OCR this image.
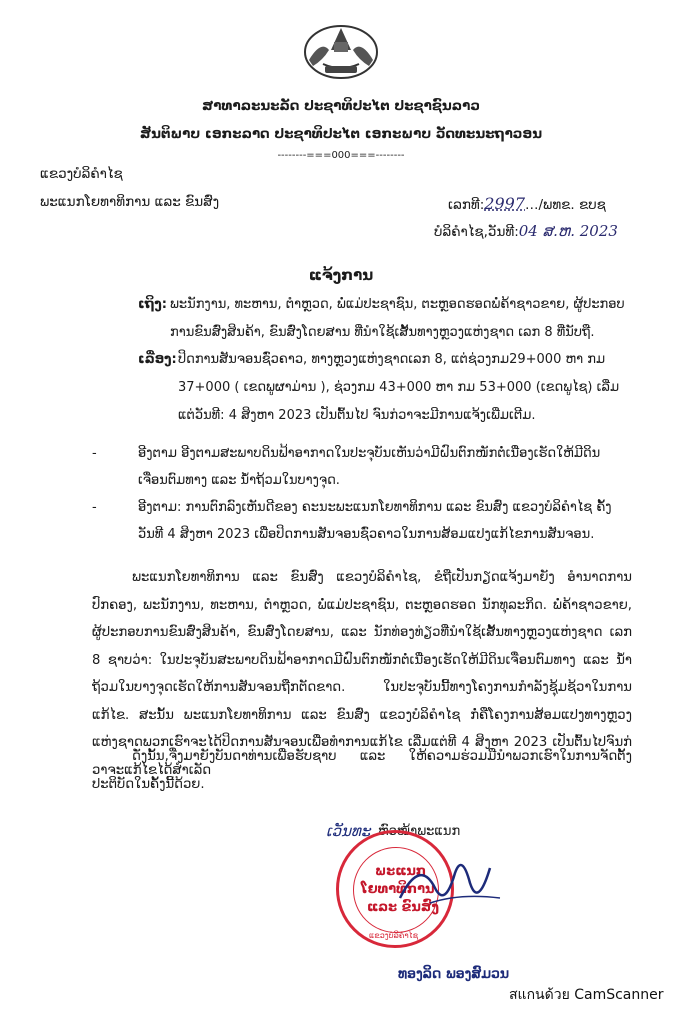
ສາທາລະນະລັດ ປະຊາທິປະໄຕ ປະຊາຊົນລາວ
ສັນຕິພາບ ເອກະລາດ ປະຊາທິປະໄຕ ເອກະພາບ ວັດທະນະຖາວອນ
--------===000===--------
ແຂວງບໍລິຄໍາໄຊ
ພະແນກໂຍທາທິການ ແລະ ຂົນສົ່ງ	ເລກທີ:2997…/ພທຂ. ຂບຊ
ບໍລິຄໍາໄຊ,ວັນທີ:04 ສ.ຫ. 2023
ແຈ້ງການ
ເຖິງ: ພະນັກງານ, ທະຫານ, ຕໍາຫຼວດ, ພໍ່ແມ່ປະຊາຊົນ, ຕະຫຼອດຮອດພໍ່ຄ້າຊາວຂາຍ, ຜູ້ປະກອບ
ການຂົນສົ່ງສິນຄ້າ, ຂົນສົ່ງໂດຍສານ ທີ່ນໍາໃຊ້ເສັ້ນທາງຫຼວງແຫ່ງຊາດ ເລກ 8 ທີ່ນັບຖື.
ເລື່ອງ: ປິດການສັນຈອນຊົ່ວຄາວ, ທາງຫຼວງແຫ່ງຊາດເລກ 8, ແຕ່ຊ່ວງກມ29+000 ຫາ ກມ
37+000 ( ເຂດພູຜາມ່ານ ), ຊ່ວງກມ 43+000 ຫາ ກມ 53+000 (ເຂດພູໄຊ) ເລີ່ມ
ແຕ່ວັນທີ: 4 ສິງຫາ 2023 ເປັນຕົ້ນໄປ ຈົນກ່ວາຈະມີການແຈ້ງເພີ່ມເຕີມ.
-	ອີງຕາມ ອີງຕາມສະພາບດິນຟ້າອາກາດໃນປະຈຸບັນເຫັນວ່າມີຝົນຕົກໜັກຕໍ່ເນື່ອງເຮັດໃຫ້ມີດິນເຈື່ອນຕົມທາງ ແລະ ນໍ້າຖ້ວມໃນບາງຈຸດ.
-	ອີງຕາມ: ການຕົກລົງເຫັນດີຂອງ ຄະນະພະແນກໂຍທາທິການ ແລະ ຂົນສົ່ງ ແຂວງບໍລິຄໍາໄຊ ຄັ້ງວັນທີ 4 ສິງຫາ 2023 ເພື່ອປິດການສັນຈອນຊົ່ວຄາວໃນການສ້ອມແປງແກ້ໄຂການສັນຈອນ.
ພະແນກໂຍທາທິການ ແລະ ຂົນສົ່ງ ແຂວງບໍລິຄໍາໄຊ, ຂໍຖືເປັນກຽດແຈ້ງມາຍັງ ອໍານາດການປົກຄອງ, ພະນັກງານ, ທະຫານ, ຕໍາຫຼວດ, ພໍ່ແມ່ປະຊາຊົນ, ຕະຫຼອດຮອດ ນັກທຸລະກິດ. ພໍ່ຄ້າຊາວຂາຍ, ຜູ້ປະກອບການຂົນສົ່ງສິນຄ້າ, ຂົນສົ່ງໂດຍສານ, ແລະ ນັກທ່ອງທ່ຽວທີ່ນໍາໃຊ້ເສັ້ນທາງຫຼວງແຫ່ງຊາດ ເລກ 8 ຊາບວ່າ: ໃນປະຈຸບັນສະພາບດິນຟ້າອາກາດມີຝົນຕົກໜັກຕໍ່ເນື່ອງເຮັດໃຫ້ມີດິນເຈື່ອນຕົມທາງ ແລະ ນໍ້າຖ້ວມໃນບາງຈຸດເຮັດໃຫ້ການສັນຈອນຖືກຕັດຂາດ. ໃນປະຈຸບັນນີ້ທາງໂຄງການກໍາລັງຊຸ້ມຊ້ວາໃນການແກ້ໄຂ. ສະນັ້ນ ພະແນກໂຍທາທິການ ແລະ ຂົນສົ່ງ ແຂວງບໍລິຄໍາໄຊ ກໍ່ຄືໂຄງການສ້ອມແປງທາງຫຼວງແຫ່ງຊາດພວກເຮົາຈະໄດ້ປິດການສັນຈອນເພື່ອທໍາການແກ້ໄຂ ເລີ່ມແຕ່ທີ 4 ສິງຫາ 2023 ເປັນຕົ້ນໄປຈົນກ່ວາຈະແກ້ໄຂໄດ້ສໍາເລັດ
ດັ່ງນັ້ນ,ຈື່ງມາຍັງບັນດາທ່ານເພື່ອຮັບຊາບ ແລະ ໃຫ້ຄວາມຮ່ວມມືນໍາພວກເຮົາໃນການຈັດຕັ້ງປະຕິບັດໃນຄັ້ງນີ້ດ້ວຍ.
ເວັນທະ ຫົວໜ້າພະແນກ
ພະແນກ
ໂຍທາທິການ
ແລະ ຂົນສົ່ງ
ແຂວງບໍລິຄໍາໄຊ
ທອງລິດ ພອງສົມວນ
สแกนด้วย CamScanner
